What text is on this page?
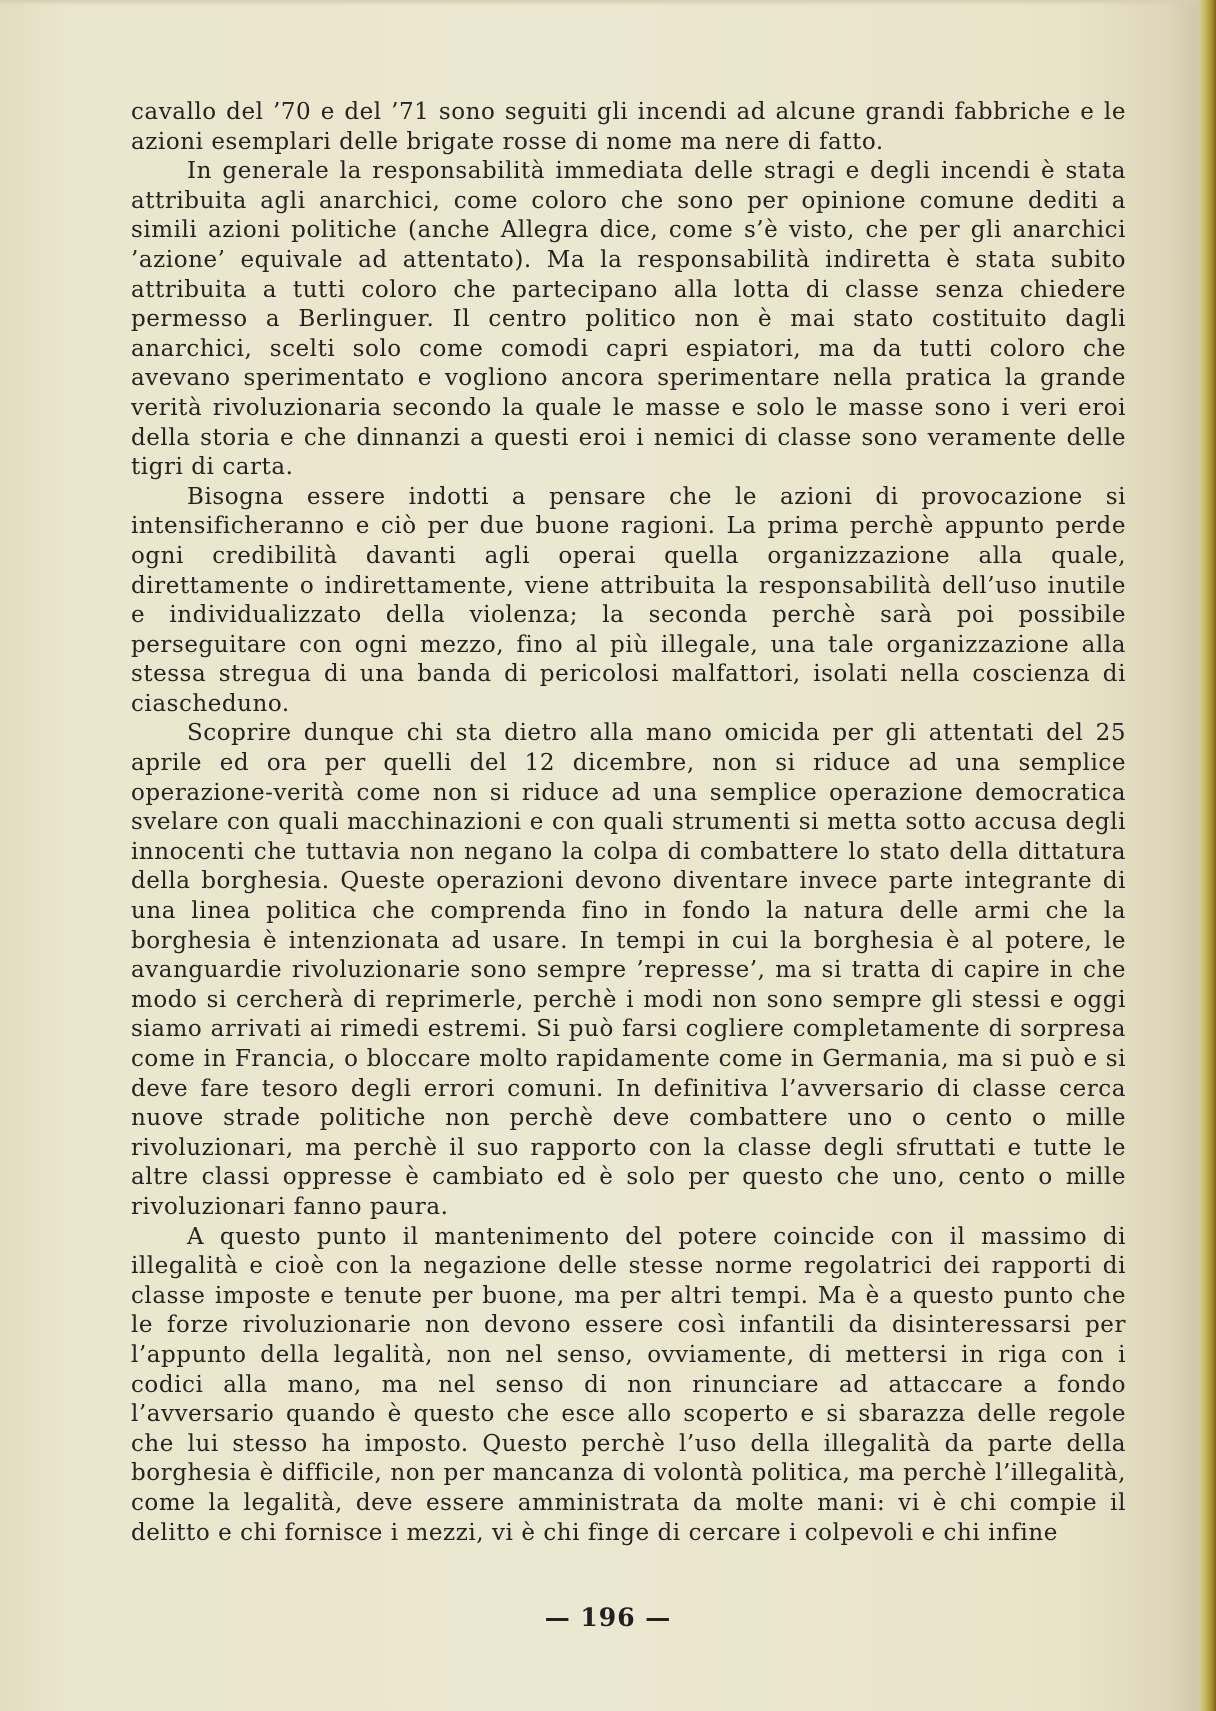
cavallo del ’70 e del ’71 sono seguiti gli incendi ad alcune grandi fabbriche e le azioni esemplari delle brigate rosse di nome ma nere di fatto.

In generale la responsabilità immediata delle stragi e degli incendi è stata attribuita agli anarchici, come coloro che sono per opinione comune dediti a simili azioni politiche (anche Allegra dice, come s’è visto, che per gli anarchici ’azione’ equivale ad attentato). Ma la responsabilità indiretta è stata subito attribuita a tutti coloro che partecipano alla lotta di classe senza chiedere permesso a Berlinguer. Il centro politico non è mai stato costituito dagli anarchici, scelti solo come comodi capri espiatori, ma da tutti coloro che avevano sperimentato e vogliono ancora sperimentare nella pratica la grande verità rivoluzionaria secondo la quale le masse e solo le masse sono i veri eroi della storia e che dinnanzi a questi eroi i nemici di classe sono veramente delle tigri di carta.

Bisogna essere indotti a pensare che le azioni di provocazione si intensificheranno e ciò per due buone ragioni. La prima perchè appunto perde ogni credibilità davanti agli operai quella organizzazione alla quale, direttamente o indirettamente, viene attribuita la responsabilità dell’uso inutile e individualizzato della violenza; la seconda perchè sarà poi possibile perseguitare con ogni mezzo, fino al più illegale, una tale organizzazione alla stessa stregua di una banda di pericolosi malfattori, isolati nella coscienza di ciascheduno.

Scoprire dunque chi sta dietro alla mano omicida per gli attentati del 25 aprile ed ora per quelli del 12 dicembre, non si riduce ad una semplice operazione-verità come non si riduce ad una semplice operazione democratica svelare con quali macchinazioni e con quali strumenti si metta sotto accusa degli innocenti che tuttavia non negano la colpa di combattere lo stato della dittatura della borghesia. Queste operazioni devono diventare invece parte integrante di una linea politica che comprenda fino in fondo la natura delle armi che la borghesia è intenzionata ad usare. In tempi in cui la borghesia è al potere, le avanguardie rivoluzionarie sono sempre ’represse’, ma si tratta di capire in che modo si cercherà di reprimerle, perchè i modi non sono sempre gli stessi e oggi siamo arrivati ai rimedi estremi. Si può farsi cogliere completamente di sorpresa come in Francia, o bloccare molto rapidamente come in Germania, ma si può e si deve fare tesoro degli errori comuni. In definitiva l’avversario di classe cerca nuove strade politiche non perchè deve combattere uno o cento o mille rivoluzionari, ma perchè il suo rapporto con la classe degli sfruttati e tutte le altre classi oppresse è cambiato ed è solo per questo che uno, cento o mille rivoluzionari fanno paura.

A questo punto il mantenimento del potere coincide con il massimo di illegalità e cioè con la negazione delle stesse norme regolatrici dei rapporti di classe imposte e tenute per buone, ma per altri tempi. Ma è a questo punto che le forze rivoluzionarie non devono essere così infantili da disinteressarsi per l’appunto della legalità, non nel senso, ovviamente, di mettersi in riga con i codici alla mano, ma nel senso di non rinunciare ad attaccare a fondo l’avversario quando è questo che esce allo scoperto e si sbarazza delle regole che lui stesso ha imposto. Questo perchè l’uso della illegalità da parte della borghesia è difficile, non per mancanza di volontà politica, ma perchè l’illegalità, come la legalità, deve essere amministrata da molte mani: vi è chi compie il delitto e chi fornisce i mezzi, vi è chi finge di cercare i colpevoli e chi infine

— 196 —
